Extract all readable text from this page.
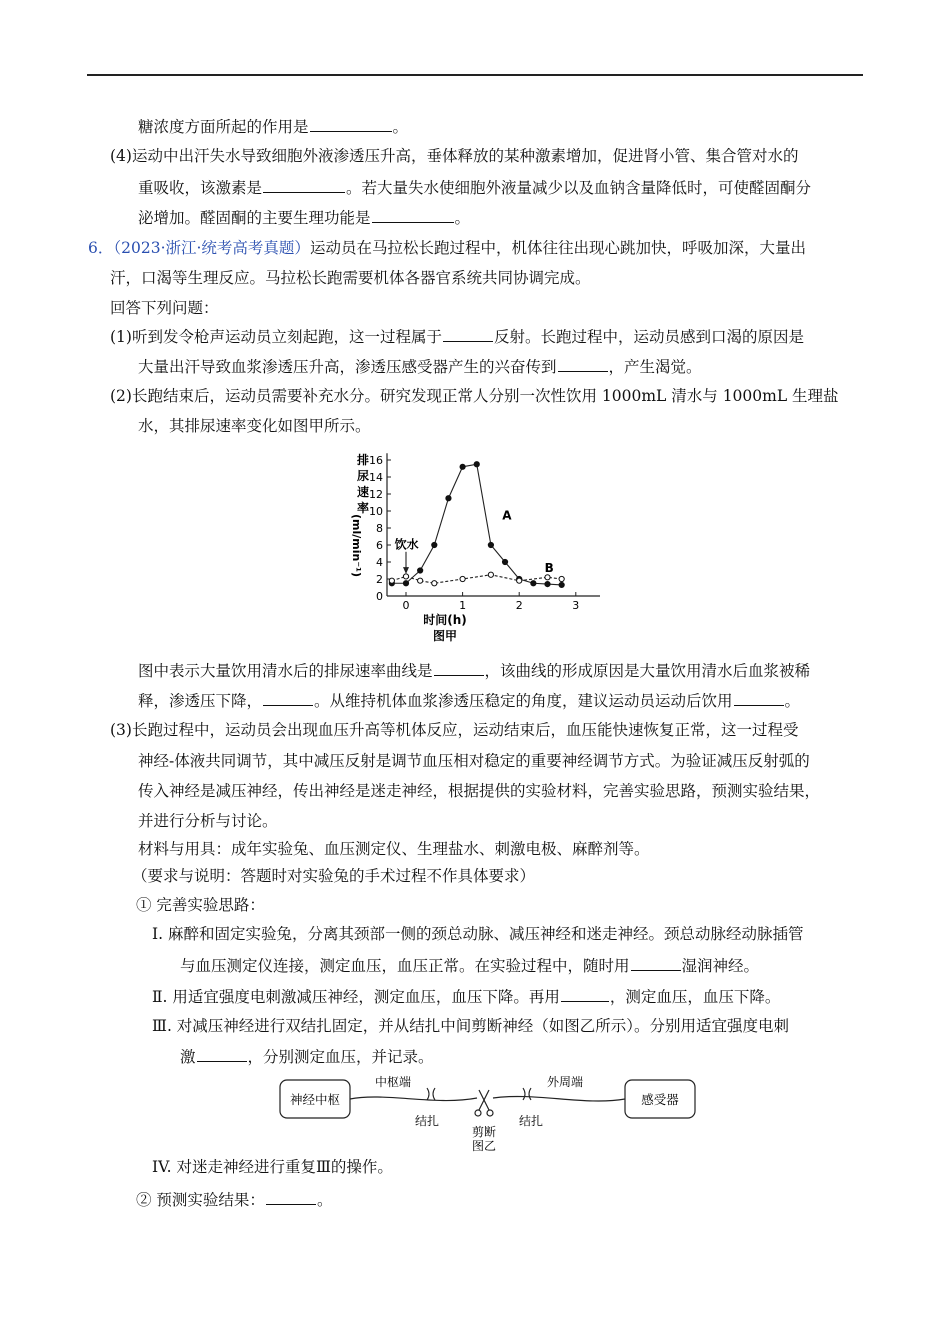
糖浓度方面所起的作用是	。
(4)运动中出汗失水导致细胞外液渗透压升高，垂体释放的某种激素增加，促进肾小管、集合管对水的
重吸收，该激素是	。若大量失水使细胞外液量减少以及血钠含量降低时，可使醛固酮分
泌增加。醛固酮的主要生理功能是	。
6．（2023·浙江·统考高考真题）运动员在马拉松长跑过程中，机体往往出现心跳加快，呼吸加深，大量出
汗，口渴等生理反应。马拉松长跑需要机体各器官系统共同协调完成。
回答下列问题：
(1)听到发令枪声运动员立刻起跑，这一过程属于	反射。长跑过程中，运动员感到口渴的原因是
大量出汗导致血浆渗透压升高，渗透压感受器产生的兴奋传到	，产生渴觉。
(2)长跑结束后，运动员需要补充水分。研究发现正常人分别一次性饮用 1000mL 清水与 1000mL 生理盐
水，其排尿速率变化如图甲所示。
0
2
4
6
8
10
12
14
16
0	1	2	3
排
尿
速
率
(ml/min⁻¹)
时间(h)
图甲
A
B
饮水
图中表示大量饮用清水后的排尿速率曲线是	，该曲线的形成原因是大量饮用清水后血浆被稀
释，渗透压下降，	。从维持机体血浆渗透压稳定的角度，建议运动员运动后饮用	。
(3)长跑过程中，运动员会出现血压升高等机体反应，运动结束后，血压能快速恢复正常，这一过程受
神经-体液共同调节，其中减压反射是调节血压相对稳定的重要神经调节方式。为验证减压反射弧的
传入神经是减压神经，传出神经是迷走神经，根据提供的实验材料，完善实验思路，预测实验结果，
并进行分析与讨论。
材料与用具：成年实验兔、血压测定仪、生理盐水、刺激电极、麻醉剂等。
（要求与说明：答题时对实验兔的手术过程不作具体要求）
① 完善实验思路：
Ⅰ. 麻醉和固定实验兔，分离其颈部一侧的颈总动脉、减压神经和迷走神经。颈总动脉经动脉插管
与血压测定仪连接，测定血压，血压正常。在实验过程中，随时用	湿润神经。
Ⅱ. 用适宜强度电刺激减压神经，测定血压，血压下降。再用	，测定血压，血压下降。
Ⅲ. 对减压神经进行双结扎固定，并从结扎中间剪断神经（如图乙所示）。分别用适宜强度电刺
激	，分别测定血压，并记录。
神经中枢	感受器
中枢端	外周端
结扎	结扎
剪断
图乙
IV. 对迷走神经进行重复Ⅲ的操作。
② 预测实验结果：	。
